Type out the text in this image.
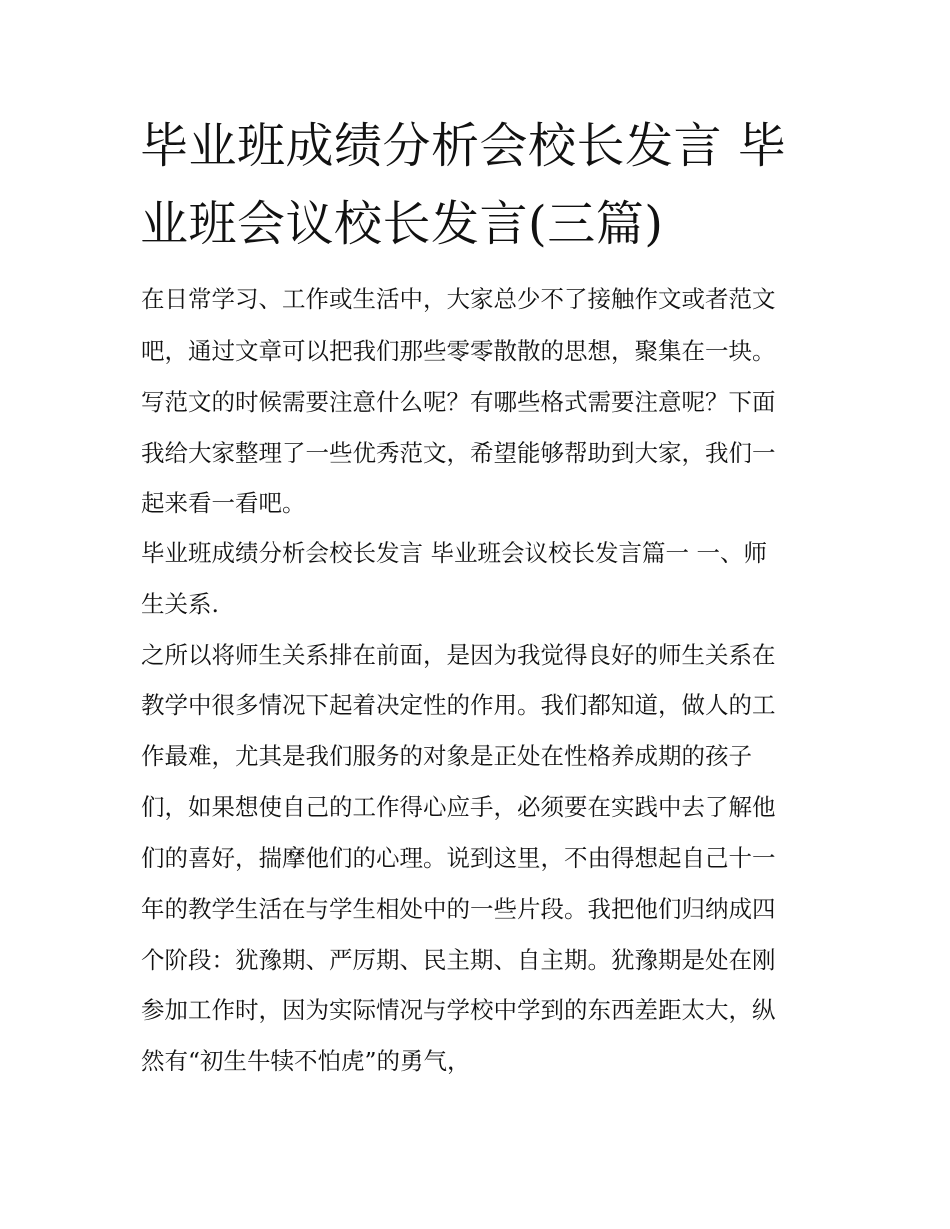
毕业班成绩分析会校长发言 毕
业班会议校长发言(三篇)

在日常学习、工作或生活中，大家总少不了接触作文或者范文

吧，通过文章可以把我们那些零零散散的思想，聚集在一块。

写范文的时候需要注意什么呢？有哪些格式需要注意呢？下面

我给大家整理了一些优秀范文，希望能够帮助到大家，我们一

起来看一看吧。

毕业班成绩分析会校长发言 毕业班会议校长发言篇一 一、师

生关系.

之所以将师生关系排在前面，是因为我觉得良好的师生关系在

教学中很多情况下起着决定性的作用。我们都知道，做人的工

作最难，尤其是我们服务的对象是正处在性格养成期的孩子

们，如果想使自己的工作得心应手，必须要在实践中去了解他

们的喜好，揣摩他们的心理。说到这里，不由得想起自己十一

年的教学生活在与学生相处中的一些片段。我把他们归纳成四

个阶段：犹豫期、严厉期、民主期、自主期。犹豫期是处在刚

参加工作时，因为实际情况与学校中学到的东西差距太大，纵

然有“初生牛犊不怕虎”的勇气，
